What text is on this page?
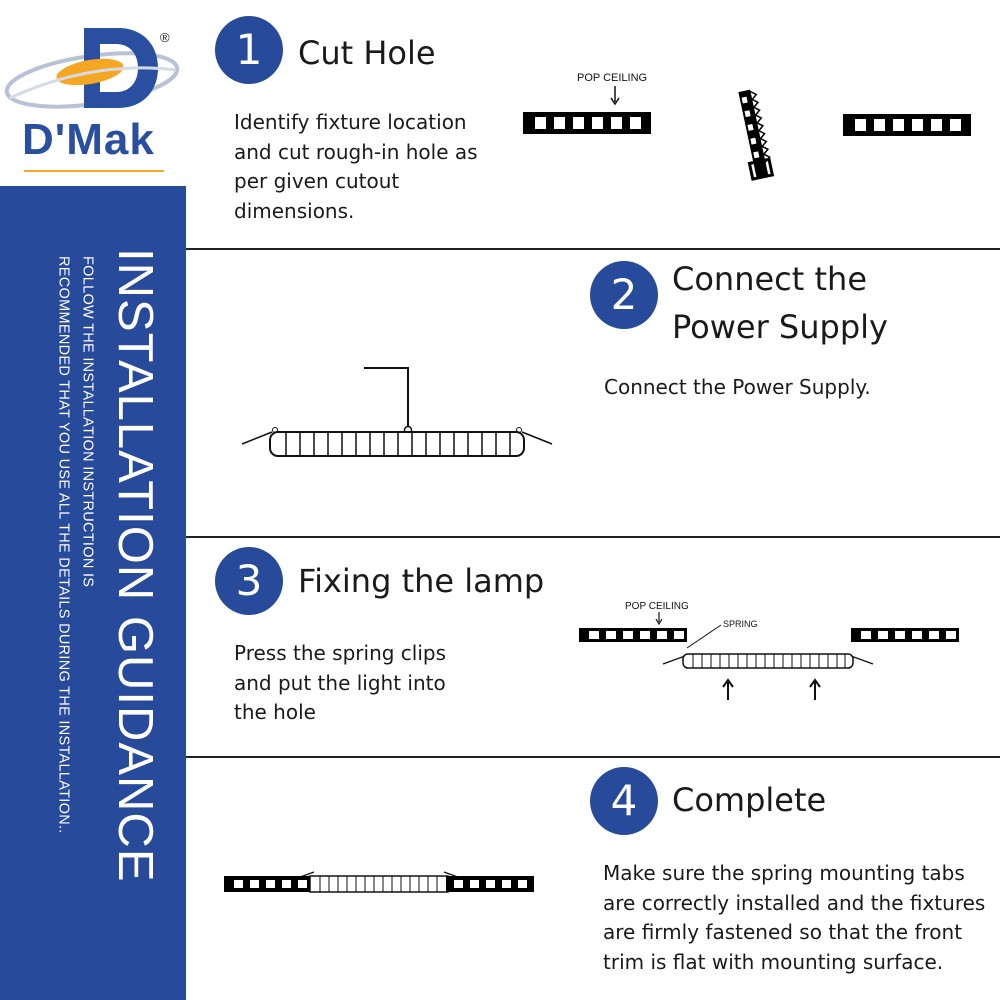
®
D'Mak
INSTALLATION GUIDANCE
FOLLOW THE INSTALLATION INSTRUCTION IS
RECOMMENDED THAT YOU USE ALL THE DETAILS DURING THE INSTALLATION..
1	Cut Hole
Identify fixture location and cut rough-in hole as per given cutout dimensions.
POP CEILING
2	Connect the
Power Supply
Connect the Power Supply.
3	Fixing the lamp
Press the spring clips and put the light into the hole
POP CEILING
SPRING
4	Complete
Make sure the spring mounting tabs are correctly installed and the fixtures are firmly fastened so that the front trim is flat with mounting surface.
